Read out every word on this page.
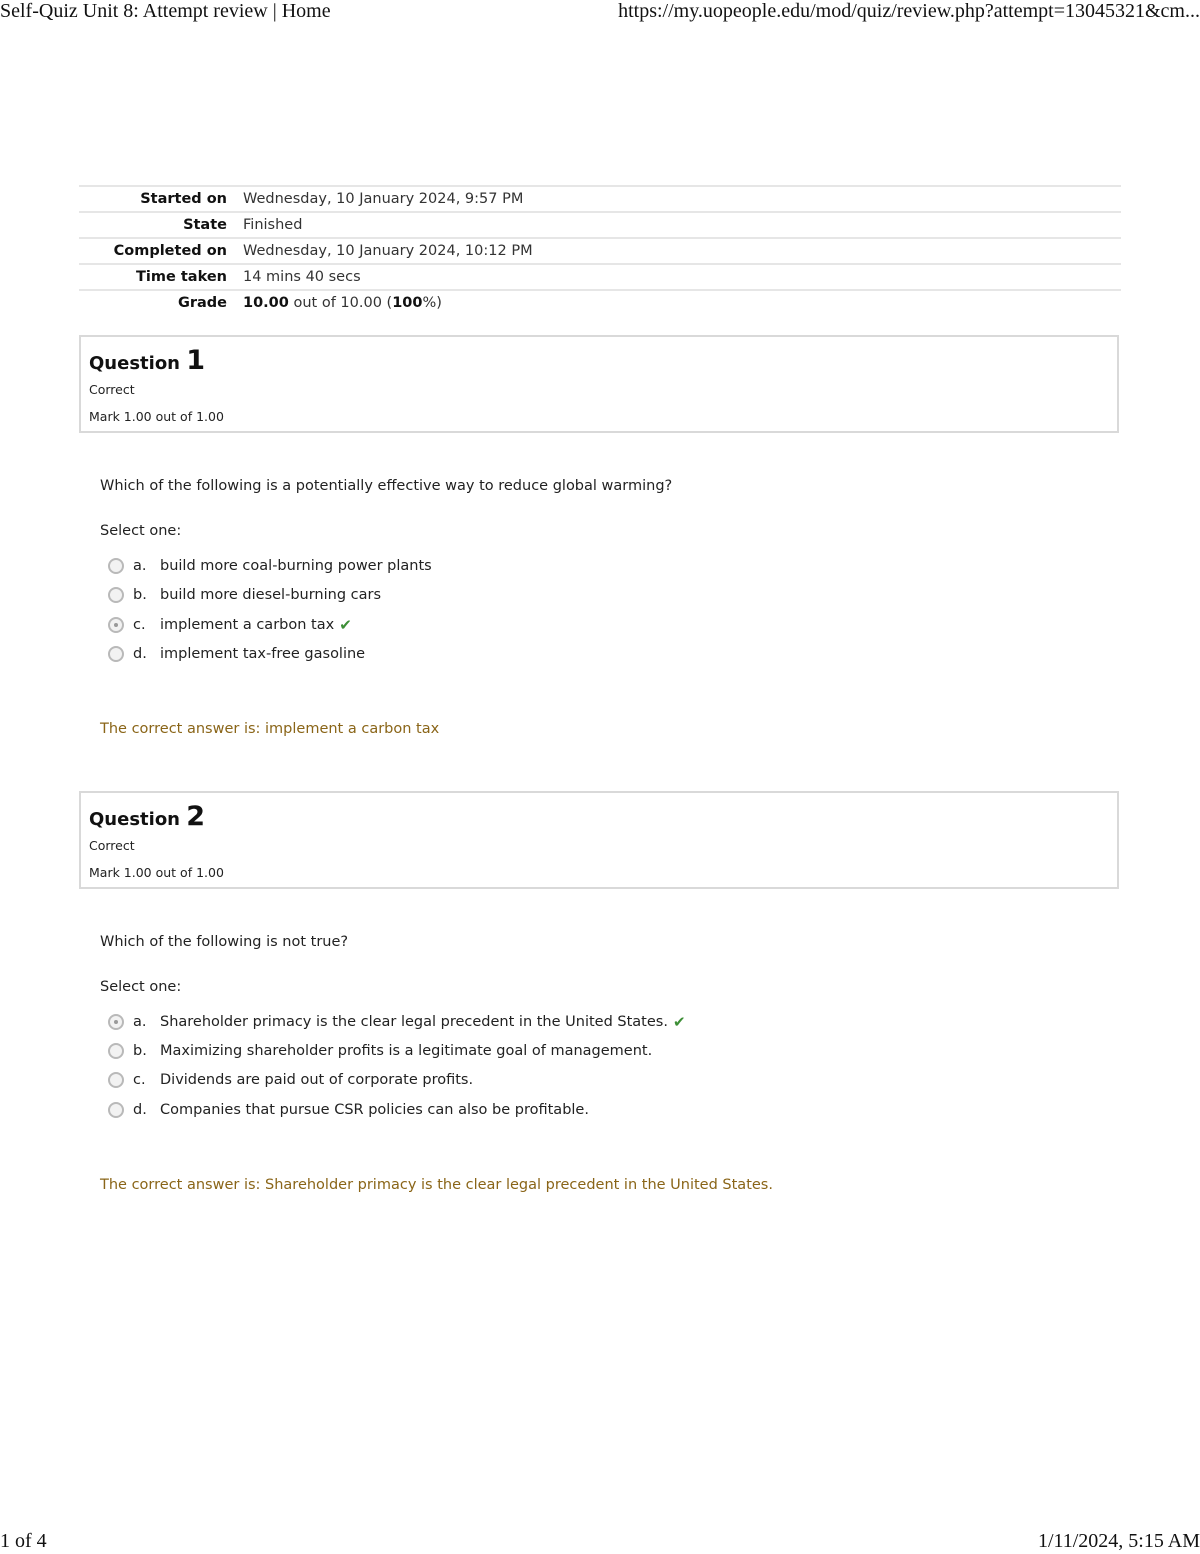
Self-Quiz Unit 8: Attempt review | Home	https://my.uopeople.edu/mod/quiz/review.php?attempt=13045321&cm...
Started on	Wednesday, 10 January 2024, 9:57 PM
State	Finished
Completed on	Wednesday, 10 January 2024, 10:12 PM
Time taken	14 mins 40 secs
Grade	10.00 out of 10.00 (100%)
Question 1
Correct
Mark 1.00 out of 1.00
Which of the following is a potentially effective way to reduce global warming?
Select one:
a. build more coal-burning power plants
b. build more diesel-burning cars
c. implement a carbon tax ✔
d. implement tax-free gasoline
The correct answer is: implement a carbon tax
Question 2
Correct
Mark 1.00 out of 1.00
Which of the following is not true?
Select one:
a. Shareholder primacy is the clear legal precedent in the United States. ✔
b. Maximizing shareholder profits is a legitimate goal of management.
c. Dividends are paid out of corporate profits.
d. Companies that pursue CSR policies can also be profitable.
The correct answer is: Shareholder primacy is the clear legal precedent in the United States.
1 of 4	1/11/2024, 5:15 AM
